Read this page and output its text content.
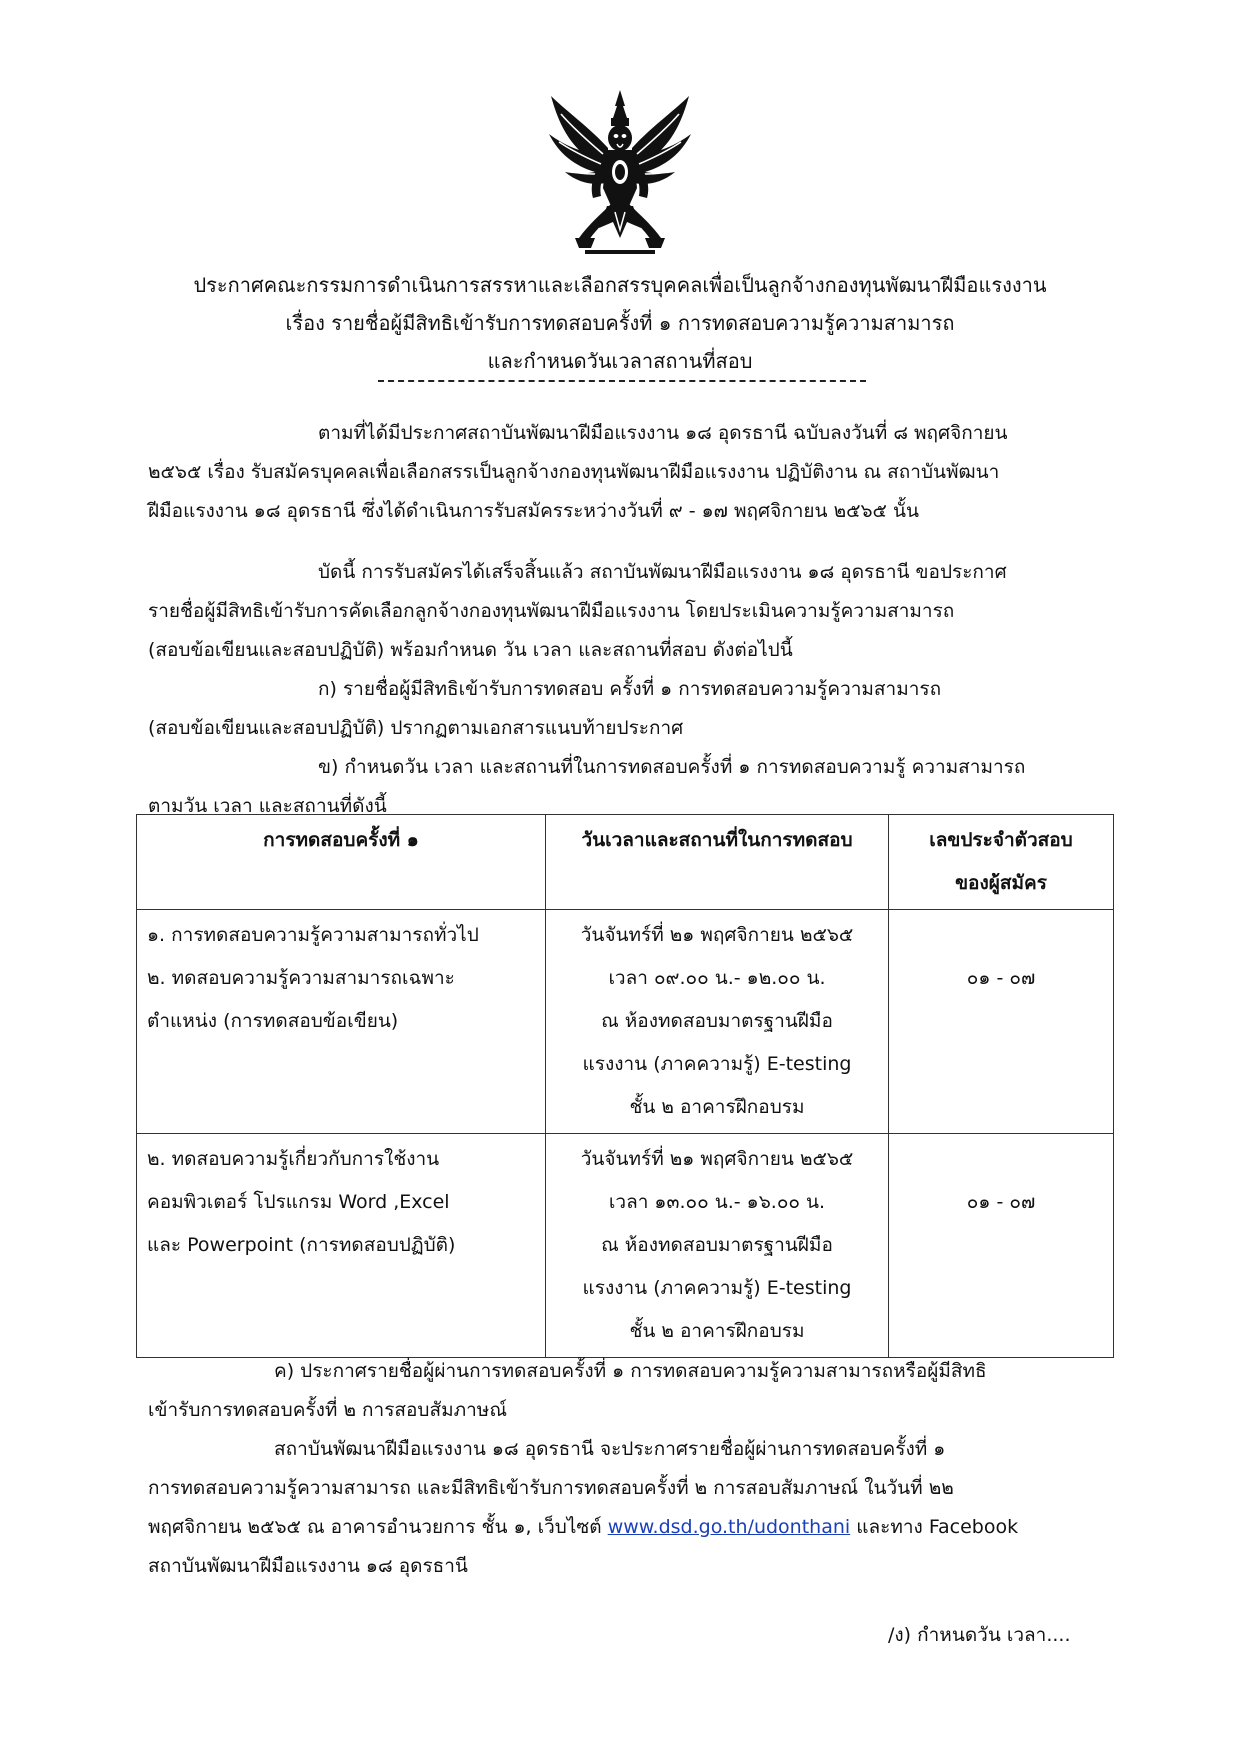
ประกาศคณะกรรมการดำเนินการสรรหาและเลือกสรรบุคคลเพื่อเป็นลูกจ้างกองทุนพัฒนาฝีมือแรงงาน
เรื่อง รายชื่อผู้มีสิทธิเข้ารับการทดสอบครั้งที่ ๑ การทดสอบความรู้ความสามารถ
และกำหนดวันเวลาสถานที่สอบ
ตามที่ได้มีประกาศสถาบันพัฒนาฝีมือแรงงาน ๑๘ อุดรธานี ฉบับลงวันที่ ๘ พฤศจิกายน
๒๕๖๕ เรื่อง รับสมัครบุคคลเพื่อเลือกสรรเป็นลูกจ้างกองทุนพัฒนาฝีมือแรงงาน ปฏิบัติงาน ณ สถาบันพัฒนา
ฝีมือแรงงาน ๑๘ อุดรธานี ซึ่งได้ดำเนินการรับสมัครระหว่างวันที่ ๙ - ๑๗ พฤศจิกายน ๒๕๖๕ นั้น
บัดนี้ การรับสมัครได้เสร็จสิ้นแล้ว สถาบันพัฒนาฝีมือแรงงาน ๑๘ อุดรธานี ขอประกาศ
รายชื่อผู้มีสิทธิเข้ารับการคัดเลือกลูกจ้างกองทุนพัฒนาฝีมือแรงงาน โดยประเมินความรู้ความสามารถ
(สอบข้อเขียนและสอบปฏิบัติ) พร้อมกำหนด วัน เวลา และสถานที่สอบ ดังต่อไปนี้
ก) รายชื่อผู้มีสิทธิเข้ารับการทดสอบ ครั้งที่ ๑ การทดสอบความรู้ความสามารถ
(สอบข้อเขียนและสอบปฏิบัติ) ปรากฏตามเอกสารแนบท้ายประกาศ
ข) กำหนดวัน เวลา และสถานที่ในการทดสอบครั้งที่ ๑ การทดสอบความรู้ ความสามารถ
ตามวัน เวลา และสถานที่ดังนี้
การทดสอบครั้งที่ ๑	วันเวลาและสถานที่ในการทดสอบ	เลขประจำตัวสอบ
ของผู้สมัคร

๑. การทดสอบความรู้ความสามารถทั่วไป
๒. ทดสอบความรู้ความสามารถเฉพาะ
ตำแหน่ง (การทดสอบข้อเขียน)	วันจันทร์ที่ ๒๑ พฤศจิกายน ๒๕๖๕
เวลา ๐๙.๐๐ น.- ๑๒.๐๐ น.
ณ ห้องทดสอบมาตรฐานฝีมือ
แรงงาน (ภาคความรู้) E-testing
ชั้น ๒ อาคารฝึกอบรม	๐๑ - ๐๗

๒. ทดสอบความรู้เกี่ยวกับการใช้งาน
คอมพิวเตอร์ โปรแกรม Word ,Excel
และ Powerpoint (การทดสอบปฏิบัติ)	วันจันทร์ที่ ๒๑ พฤศจิกายน ๒๕๖๕
เวลา ๑๓.๐๐ น.- ๑๖.๐๐ น.
ณ ห้องทดสอบมาตรฐานฝีมือ
แรงงาน (ภาคความรู้) E-testing
ชั้น ๒ อาคารฝึกอบรม	๐๑ - ๐๗
ค) ประกาศรายชื่อผู้ผ่านการทดสอบครั้งที่ ๑ การทดสอบความรู้ความสามารถหรือผู้มีสิทธิ
เข้ารับการทดสอบครั้งที่ ๒ การสอบสัมภาษณ์
สถาบันพัฒนาฝีมือแรงงาน ๑๘ อุดรธานี จะประกาศรายชื่อผู้ผ่านการทดสอบครั้งที่ ๑
การทดสอบความรู้ความสามารถ และมีสิทธิเข้ารับการทดสอบครั้งที่ ๒ การสอบสัมภาษณ์ ในวันที่ ๒๒
พฤศจิกายน ๒๕๖๕ ณ อาคารอำนวยการ ชั้น ๑, เว็บไซต์ www.dsd.go.th/udonthani และทาง Facebook
สถาบันพัฒนาฝีมือแรงงาน ๑๘ อุดรธานี
/ง) กำหนดวัน เวลา....
